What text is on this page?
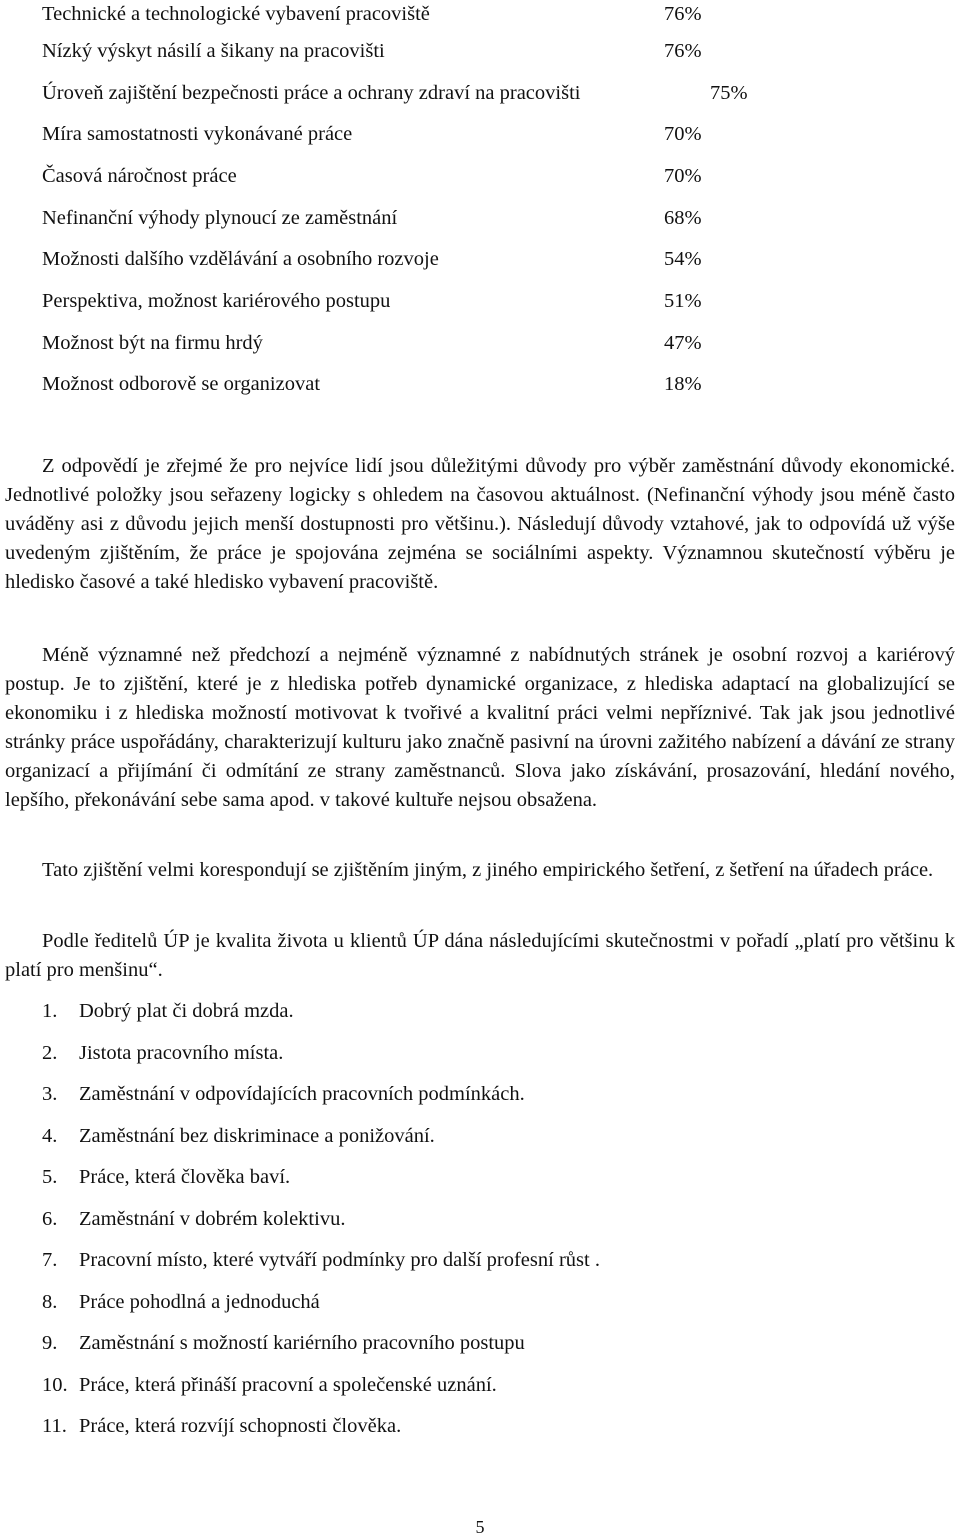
Technické a technologické vybavení pracoviště	76%
Nízký výskyt násilí a šikany na pracovišti	76%
Úroveň zajištění bezpečnosti práce a ochrany zdraví na pracovišti	75%
Míra samostatnosti vykonávané práce	70%
Časová náročnost práce	70%
Nefinanční výhody plynoucí ze zaměstnání	68%
Možnosti dalšího vzdělávání a osobního rozvoje	54%
Perspektiva, možnost kariérového postupu	51%
Možnost být na firmu hrdý	47%
Možnost odborově se organizovat	18%

Z odpovědí je zřejmé že pro nejvíce lidí jsou důležitými důvody pro výběr zaměstnání důvody ekonomické. Jednotlivé položky jsou seřazeny logicky s ohledem na časovou aktuálnost. (Nefinanční výhody jsou méně často uváděny asi z důvodu jejich menší dostupnosti pro většinu.). Následují důvody vztahové, jak to odpovídá už výše uvedeným zjištěním, že práce je spojována zejména se sociálními aspekty. Významnou skutečností výběru je hledisko časové a také hledisko vybavení pracoviště.

Méně významné než předchozí a nejméně významné z nabídnutých stránek je osobní rozvoj a kariérový postup. Je to zjištění, které je z hlediska potřeb dynamické organizace, z hlediska adaptací na globalizující se ekonomiku i z hlediska možností motivovat k tvořivé a kvalitní práci velmi nepříznivé. Tak jak jsou jednotlivé stránky práce uspořádány, charakterizují kulturu jako značně pasivní na úrovni zažitého nabízení a dávání ze strany organizací a přijímání či odmítání ze strany zaměstnanců. Slova jako získávání, prosazování, hledání nového, lepšího, překonávání sebe sama apod. v takové kultuře nejsou obsažena.

Tato zjištění velmi korespondují se zjištěním jiným, z jiného empirického šetření, z šetření na úřadech práce.

Podle ředitelů ÚP je kvalita života u klientů ÚP dána následujícími skutečnostmi v pořadí „platí pro většinu k platí pro menšinu“.

1. Dobrý plat či dobrá mzda.
2. Jistota pracovního místa.
3. Zaměstnání v odpovídajících pracovních podmínkách.
4. Zaměstnání bez diskriminace a ponižování.
5. Práce, která člověka baví.
6. Zaměstnání v dobrém kolektivu.
7. Pracovní místo, které vytváří podmínky pro další profesní růst .
8. Práce pohodlná a jednoduchá
9. Zaměstnání s možností kariérního pracovního postupu
10. Práce, která přináší pracovní a společenské uznání.
11. Práce, která rozvíjí schopnosti člověka.
5
